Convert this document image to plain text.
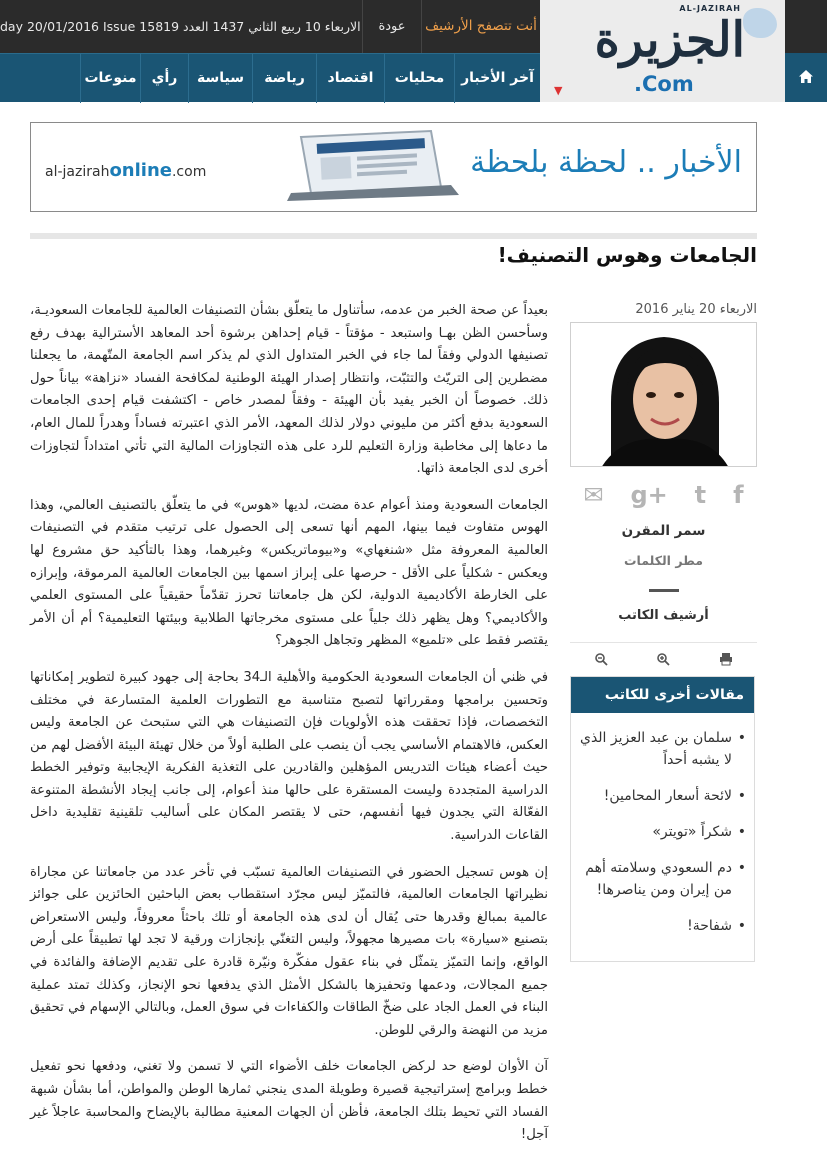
day 20/01/2016 Issue 15819 الاربعاء 10 ربيع الثاني 1437 العدد	عودة	أنت تتصفح الأرشيف
AL-JAZIRAH
الجزيرة
.Com
▼
آخر الأخبار
محليات
اقتصاد
رياضة
سياسة
رأي
منوعات
al-jazirahonline.com	الأخبار .. لحظة بلحظة
الجامعات وهوس التصنيف!

بعيداً عن صحة الخبر من عدمه، سأتناول ما يتعلّق بشأن التصنيفات العالمية للجامعات السعوديـة، وسأحسن الظن بهـا واستبعد - مؤقتاً - قيام إحداهن برشوة أحد المعاهد الأسترالية بهدف رفع تصنيفها الدولي وفقاً لما جاء في الخبر المتداول الذي لم يذكر اسم الجامعة المتّهمة، ما يجعلنا مضطرين إلى التريّث والتثبّت، وانتظار إصدار الهيئة الوطنية لمكافحة الفساد «نزاهة» بياناً حول ذلك. خصوصاً أن الخبر يفيد بأن الهيئة - وفقاً لمصدر خاص - اكتشفت قيام إحدى الجامعات السعودية بدفع أكثر من مليوني دولار لذلك المعهد، الأمر الذي اعتبرته فساداً وهدراً للمال العام، ما دعاها إلى مخاطبة وزارة التعليم للرد على هذه التجاوزات المالية التي تأتي امتداداً لتجاوزات أخرى لدى الجامعة ذاتها.

الجامعات السعودية ومنذ أعوام عدة مضت، لديها «هوس» في ما يتعلّق بالتصنيف العالمي، وهذا الهوس متفاوت فيما بينها، المهم أنها تسعى إلى الحصول على ترتيب متقدم في التصنيفات العالمية المعروفة مثل «شنغهاي» و«بيوماتريكس» وغيرهما، وهذا بالتأكيد حق مشروع لها ويعكس - شكلياً على الأقل - حرصها على إبراز اسمها بين الجامعات العالمية المرموقة، وإبرازه على الخارطة الأكاديمية الدولية، لكن هل جامعاتنا تحرز تقدّماً حقيقياً على المستوى العلمي والأكاديمي؟ وهل يظهر ذلك جلياً على مستوى مخرجاتها الطلابية وبيئتها التعليمية؟ أم أن الأمر يقتصر فقط على «تلميع» المظهر وتجاهل الجوهر؟

في ظني أن الجامعات السعودية الحكومية والأهلية الـ34 بحاجة إلى جهود كبيرة لتطوير إمكاناتها وتحسين برامجها ومقرراتها لتصبح متناسبة مع التطورات العلمية المتسارعة في مختلف التخصصات، فإذا تحققت هذه الأولويات فإن التصنيفات هي التي ستبحث عن الجامعة وليس العكس، فالاهتمام الأساسي يجب أن ينصب على الطلبة أولاً من خلال تهيئة البيئة الأفضل لهم من حيث أعضاء هيئات التدريس المؤهلين والقادرين على التغذية الفكرية الإيجابية وتوفير الخطط الدراسية المتجددة وليست المستقرة على حالها منذ أعوام، إلى جانب إيجاد الأنشطة المتنوعة الفعّالة التي يجدون فيها أنفسهم، حتى لا يقتصر المكان على أساليب تلقينية تقليدية داخل القاعات الدراسية.

إن هوس تسجيل الحضور في التصنيفات العالمية تسبّب في تأخر عدد من جامعاتنا عن مجاراة نظيراتها الجامعات العالمية، فالتميّز ليس مجرّد استقطاب بعض الباحثين الحائزين على جوائز عالمية بمبالغ وقدرها حتى يُقال أن لدى هذه الجامعة أو تلك باحثاً معروفاً، وليس الاستعراض بتصنيع «سيارة» بات مصيرها مجهولاً، وليس التغنّي بإنجازات ورقية لا تجد لها تطبيقاً على أرض الواقع، وإنما التميّز يتمثّل في بناء عقول مفكّرة ونيّرة قادرة على تقديم الإضافة والفائدة في جميع المجالات، ودعمها وتحفيزها بالشكل الأمثل الذي يدفعها نحو الإنجاز، وكذلك تمتد عملية البناء في العمل الجاد على ضخّ الطاقات والكفاءات في سوق العمل، وبالتالي الإسهام في تحقيق مزيد من النهضة والرقي للوطن.

آن الأوان لوضع حد لركض الجامعات خلف الأضواء التي لا تسمن ولا تغني، ودفعها نحو تفعيل خطط وبرامج إستراتيجية قصيرة وطويلة المدى ينجني ثمارها الوطن والمواطن، أما بشأن شبهة الفساد التي تحيط بتلك الجامعة، فأظن أن الجهات المعنية مطالبة بالإيضاح والمحاسبة عاجلاً غير آجل!

الاربعاء 20 يناير 2016
✉ g+ t f
سمر المقرن
مطر الكلمات
أرشيف الكاتب
مقالات أخرى للكاتب
• سلمان بن عبد العزيز الذي لا يشبه أحداً
• لائحة أسعار المحامين!
• شكراً «تويتر»
• دم السعودي وسلامته أهم من إيران ومن يناصرها!
• شفاحة!
